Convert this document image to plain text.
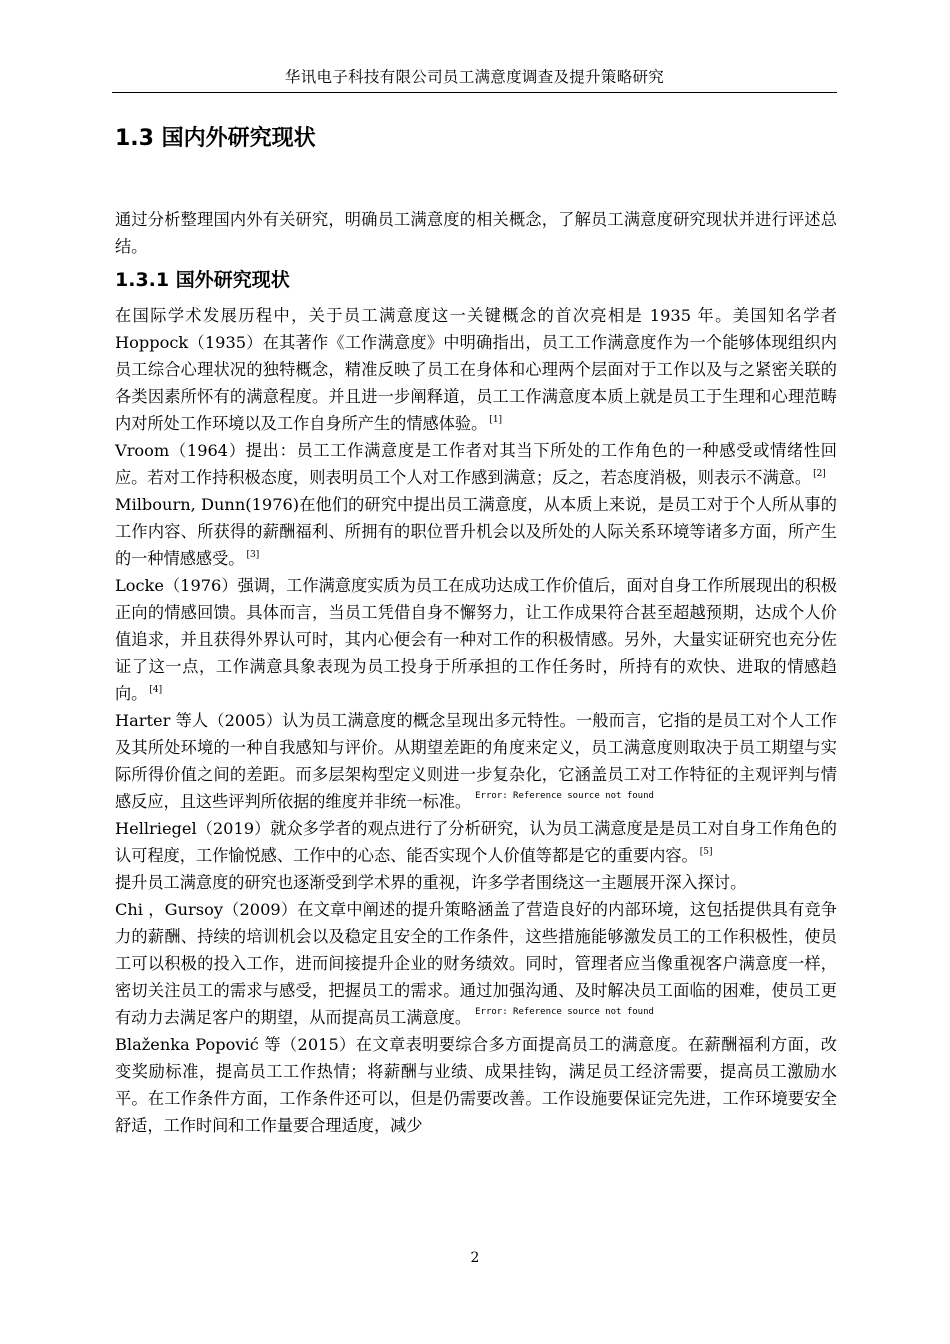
华讯电子科技有限公司员工满意度调查及提升策略研究
1.3 国内外研究现状

通过分析整理国内外有关研究，明确员工满意度的相关概念，了解员工满意度研究现状并进行评述总结。

1.3.1 国外研究现状

在国际学术发展历程中，关于员工满意度这一关键概念的首次亮相是 1935 年。美国知名学者 Hoppock（1935）在其著作《工作满意度》中明确指出，员工工作满意度作为一个能够体现组织内员工综合心理状况的独特概念，精准反映了员工在身体和心理两个层面对于工作以及与之紧密关联的各类因素所怀有的满意程度。并且进一步阐释道，员工工作满意度本质上就是员工于生理和心理范畴内对所处工作环境以及工作自身所产生的情感体验。 [1]

Vroom（1964）提出：员工工作满意度是工作者对其当下所处的工作角色的一种感受或情绪性回应。若对工作持积极态度，则表明员工个人对工作感到满意；反之，若态度消极，则表示不满意。 [2]

Milbourn, Dunn(1976)在他们的研究中提出员工满意度，从本质上来说，是员工对于个人所从事的工作内容、所获得的薪酬福利、所拥有的职位晋升机会以及所处的人际关系环境等诸多方面，所产生的一种情感感受。 [3]

Locke（1976）强调，工作满意度实质为员工在成功达成工作价值后，面对自身工作所展现出的积极正向的情感回馈。具体而言，当员工凭借自身不懈努力，让工作成果符合甚至超越预期，达成个人价值追求，并且获得外界认可时，其内心便会有一种对工作的积极情感。另外，大量实证研究也充分佐证了这一点，工作满意具象表现为员工投身于所承担的工作任务时，所持有的欢快、进取的情感趋向。 [4]

Harter 等人（2005）认为员工满意度的概念呈现出多元特性。一般而言，它指的是员工对个人工作及其所处环境的一种自我感知与评价。从期望差距的角度来定义，员工满意度则取决于员工期望与实际所得价值之间的差距。而多层架构型定义则进一步复杂化，它涵盖员工对工作特征的主观评判与情感反应，且这些评判所依据的维度并非统一标准。 $^{Error: Reference source not found}$

Hellriegel（2019）就众多学者的观点进行了分析研究，认为员工满意度是是员工对自身工作角色的认可程度，工作愉悦感、工作中的心态、能否实现个人价值等都是它的重要内容。 [5]

提升员工满意度的研究也逐渐受到学术界的重视，许多学者围绕这一主题展开深入探讨。

Chi ，Gursoy（2009）在文章中阐述的提升策略涵盖了营造良好的内部环境，这包括提供具有竞争力的薪酬、持续的培训机会以及稳定且安全的工作条件，这些措施能够激发员工的工作积极性，使员工可以积极的投入工作，进而间接提升企业的财务绩效。同时，管理者应当像重视客户满意度一样，密切关注员工的需求与感受，把握员工的需求。通过加强沟通、及时解决员工面临的困难，使员工更有动力去满足客户的期望，从而提高员工满意度。 $^{Error: Reference source not found}$

Blaženka Popović 等（2015）在文章表明要综合多方面提高员工的满意度。在薪酬福利方面，改变奖励标准，提高员工工作热情；将薪酬与业绩、成果挂钩，满足员工经济需要，提高员工激励水平。在工作条件方面，工作条件还可以，但是仍需要改善。工作设施要保证完先进，工作环境要安全舒适，工作时间和工作量要合理适度，减少

2
